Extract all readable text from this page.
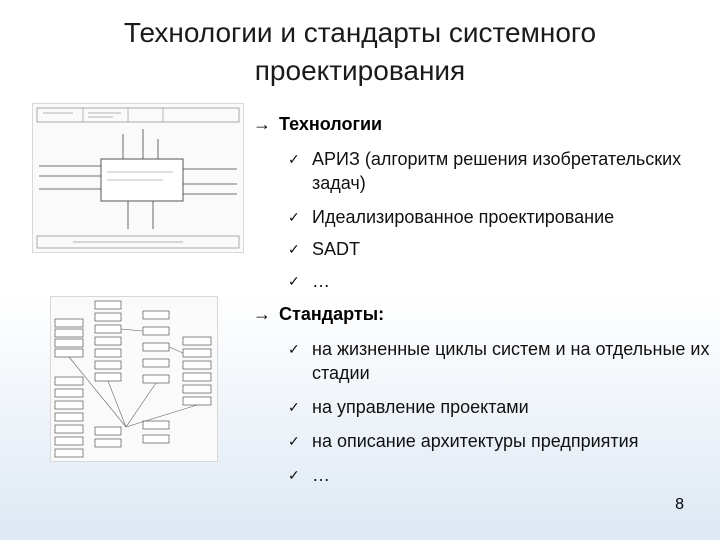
Технологии и стандарты системного проектирования
→ Технологии
✓ АРИЗ (алгоритм решения изобретательских задач)
✓ Идеализированное проектирование
✓ SADT
✓ …
→ Стандарты:
✓ на жизненные циклы систем и на отдельные их стадии
✓ на управление проектами
✓ на описание архитектуры предприятия
✓ …
8
